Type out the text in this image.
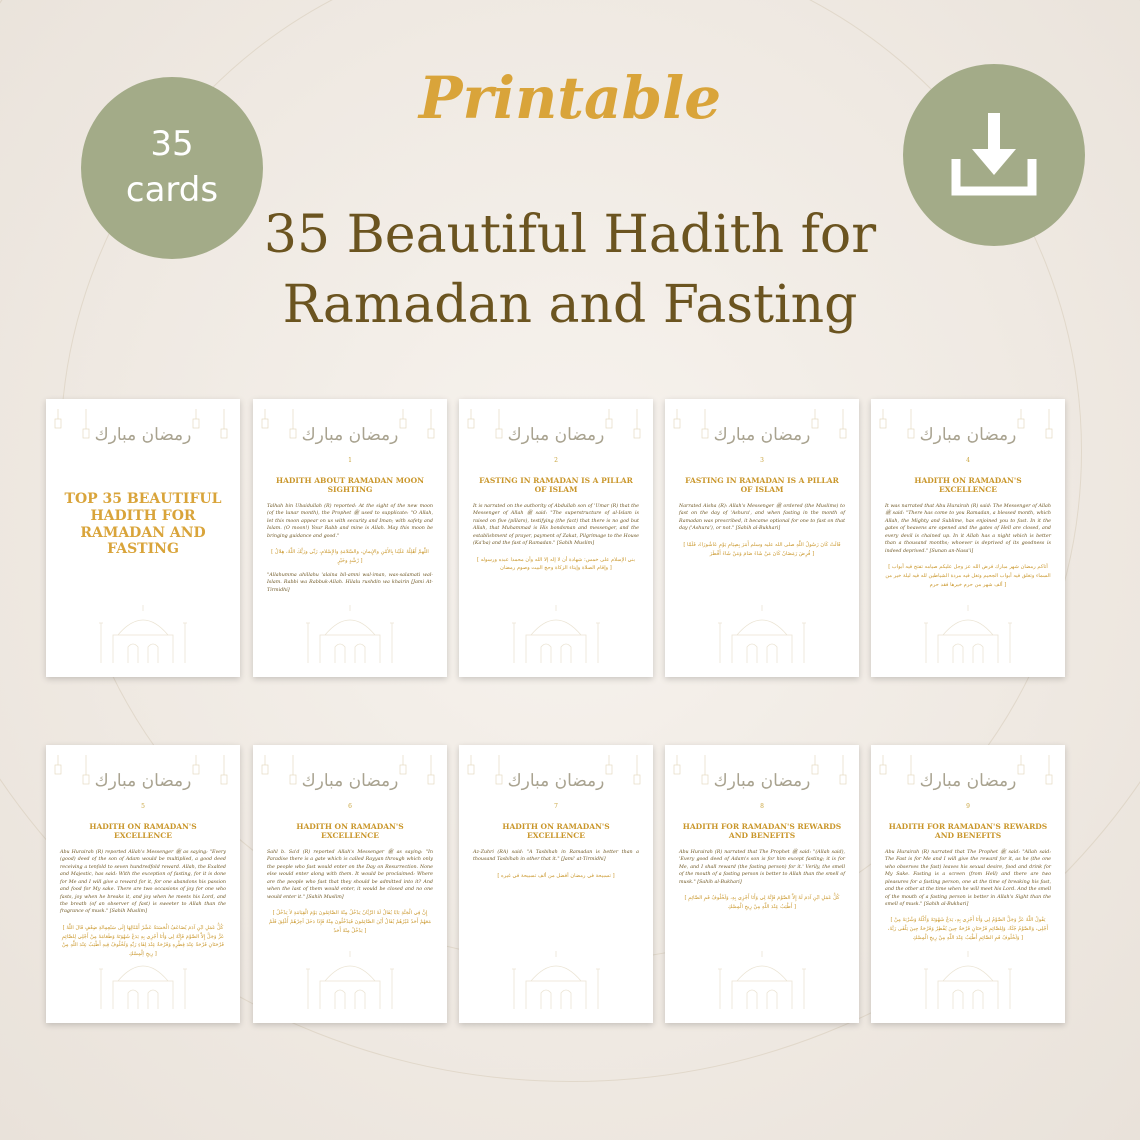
35
cards
Printable
35 Beautiful Hadith for
Ramadan and Fasting
رمضان مبارك
TOP 35 BEAUTIFUL HADITH FOR RAMADAN AND FASTING
رمضان مبارك
1
HADITH ABOUT RAMADAN MOON SIGHTING
Talhah bin Ubaidullah (R) reported: At the sight of the new moon (of the lunar month), the Prophet ﷺ used to supplicate: "O Allah, let this moon appear on us with security and Iman; with safety and Islam. (O moon!) Your Rabb and mine is Allah. May this moon be bringing guidance and good."
[ اللَّهمَّ أَهْلِلْهُ عَلَيْنا بِالأَمْنِ والإِيمانِ، والسَّلامَةِ والإِسْلامِ، رَبِّي ورَبُّكَ اللَّهُ، هِلالُ رُشْدٍ وخَيْرٍ ]
"Allahumma ahillahu 'alaina bil-amni wal-iman, was-salamati wal-Islam. Rabbi wa Rabbuk-Allah. Hilalu rushdin wa khairin [Jami At-Tirmidhi]
رمضان مبارك
2
FASTING IN RAMADAN IS A PILLAR OF ISLAM
It is narrated on the authority of Abdullah son of 'Umar (R) that the Messenger of Allah ﷺ said: "The superstructure of al-Islam is raised on five (pillars), testifying (the fact) that there is no god but Allah, that Muhammad is His bondsman and messenger, and the establishment of prayer, payment of Zakat, Pilgrimage to the House (Ka'ba) and the fast of Ramadan." [Sahih Muslim]
[ بني الإسلام على خمس: شهادة أن لا إله إلا الله وأن محمدا عبده ورسوله وإقام الصلاة وإيتاء الزكاة وحج البيت وصوم رمضان ]
رمضان مبارك
3
FASTING IN RAMADAN IS A PILLAR OF ISLAM
Narrated Aisha (R): Allah's Messenger ﷺ ordered (the Muslims) to fast on the day of 'Ashura', and when fasting in the month of Ramadan was prescribed, it became optional for one to fast on that day ('Ashura'), or not." [Sahih al-Bukhari]
[ قَالَتْ كَانَ رَسُولُ اللَّهِ صلى الله عليه وسلم أَمَرَ بِصِيَامِ يَوْمِ عَاشُورَاءَ، فَلَمَّا فُرِضَ رَمَضَانُ كَانَ مَنْ شَاءَ صَامَ وَمَنْ شَاءَ أَفْطَرَ ]
رمضان مبارك
4
HADITH ON RAMADAN'S EXCELLENCE
It was narrated that Abu Hurairah (R) said: The Messenger of Allah ﷺ said: "There has come to you Ramadan, a blessed month, which Allah, the Mighty and Sublime, has enjoined you to fast. In it the gates of heavens are opened and the gates of Hell are closed, and every devil is chained up. In it Allah has a night which is better than a thousand months; whoever is deprived of its goodness is indeed deprived." [Sunan an-Nasa'i]
[ أتاكم رمضان شهر مبارك فرض الله عز وجل عليكم صيامه تفتح فيه أبواب السماء وتغلق فيه أبواب الجحيم وتغل فيه مردة الشياطين لله فيه ليلة خير من ألف شهر من حرم خيرها فقد حرم ]
رمضان مبارك
5
HADITH ON RAMADAN'S EXCELLENCE
Abu Hurairah (R) reported Allah's Messenger ﷺ as saying: "Every (good) deed of the son of Adam would be multiplied, a good deed receiving a tenfold to seven hundredfold reward. Allah, the Exalted and Majestic, has said: With the exception of fasting, for it is done for Me and I will give a reward for it, for one abandons his passion and food for My sake. There are two occasions of joy for one who fasts, joy when he breaks it, and joy when he meets his Lord, and the breath (of an observer of fast) is sweeter to Allah than the fragrance of musk." [Sahih Muslim]
[ كُلُّ عَمَلِ ابْنِ آدَمَ يُضَاعَفُ الْحَسَنَةُ عَشْرُ أَمْثَالِهَا إِلَى سَبْعِمِائَةِ ضِعْفٍ قَالَ اللَّهُ عَزَّ وَجَلَّ إِلاَّ الصَّوْمَ فَإِنَّهُ لِي وَأَنَا أَجْزِي بِهِ يَدَعُ شَهْوَتَهُ وَطَعَامَهُ مِنْ أَجْلِي لِلصَّائِمِ فَرْحَتَانِ فَرْحَةٌ عِنْدَ فِطْرِهِ وَفَرْحَةٌ عِنْدَ لِقَاءِ رَبِّهِ وَلَخُلُوفُ فِيهِ أَطْيَبُ عِنْدَ اللَّهِ مِنْ رِيحِ الْمِسْكِ ]
رمضان مبارك
6
HADITH ON RAMADAN'S EXCELLENCE
Sahl b. Sa'd (R) reported Allah's Messenger ﷺ as saying: "In Paradise there is a gate which is called Rayyan through which only the people who fast would enter on the Day on Resurrection. None else would enter along with them. It would be proclaimed: Where are the people who fast that they should be admitted into it? And when the last of them would enter, it would be closed and no one would enter it." [Sahih Muslim]
[ إِنَّ فِي الْجَنَّةِ بَابًا يُقَالُ لَهُ الرَّيَّانُ يَدْخُلُ مِنْهُ الصَّائِمُونَ يَوْمَ الْقِيَامَةِ لاَ يَدْخُلُ مَعَهُمْ أَحَدٌ غَيْرُهُمْ يُقَالُ أَيْنَ الصَّائِمُونَ فَيَدْخُلُونَ مِنْهُ فَإِذَا دَخَلَ آخِرُهُمْ أُغْلِقَ فَلَمْ يَدْخُلْ مِنْهُ أَحَدٌ ]
رمضان مبارك
7
HADITH ON RAMADAN'S EXCELLENCE
Az-Zuhri (RA) said: "A Tasbihah in Ramadan is better than a thousand Tasbihah in other that it." [Jami' at-Tirmidhi]
[ تسبيحة في رمضان أفضل من ألف تسبيحة في غيره ]
رمضان مبارك
8
HADITH FOR RAMADAN'S REWARDS AND BENEFITS
Abu Hurairah (R) narrated that The Prophet ﷺ said: "(Allah said), 'Every good deed of Adam's son is for him except fasting; it is for Me, and I shall reward (the fasting person) for it.' Verily, the smell of the mouth of a fasting person is better to Allah than the smell of musk." [Sahih al-Bukhari]
[ كُلُّ عَمَلِ ابْنِ آدَمَ لَهُ إِلاَّ الصَّوْمَ فَإِنَّهُ لِي وَأَنَا أَجْزِي بِهِ، وَلَخُلُوفُ فَمِ الصَّائِمِ أَطْيَبُ عِنْدَ اللَّهِ مِنْ رِيحِ الْمِسْكِ ]
رمضان مبارك
9
HADITH FOR RAMADAN'S REWARDS AND BENEFITS
Abu Hurairah (R) narrated that The Prophet ﷺ said: "Allah said: The Fast is for Me and I will give the reward for it, as he (the one who observes the fast) leaves his sexual desire, food and drink for My Sake. Fasting is a screen (from Hell) and there are two pleasures for a fasting person, one at the time of breaking his fast, and the other at the time when he will meet his Lord. And the smell of the mouth of a fasting person is better in Allah's Sight than the smell of musk." [Sahih al-Bukhari]
[ يَقُولُ اللَّهُ عَزَّ وَجَلَّ الصَّوْمُ لِي وَأَنَا أَجْزِي بِهِ، يَدَعُ شَهْوَتَهُ وَأَكْلَهُ وَشُرْبَهُ مِنْ أَجْلِي، وَالصَّوْمُ جُنَّةٌ، وَلِلصَّائِمِ فَرْحَتَانِ فَرْحَةٌ حِينَ يُفْطِرُ وَفَرْحَةٌ حِينَ يَلْقَى رَبَّهُ، وَلَخُلُوفُ فَمِ الصَّائِمِ أَطْيَبُ عِنْدَ اللَّهِ مِنْ رِيحِ الْمِسْكِ ]
